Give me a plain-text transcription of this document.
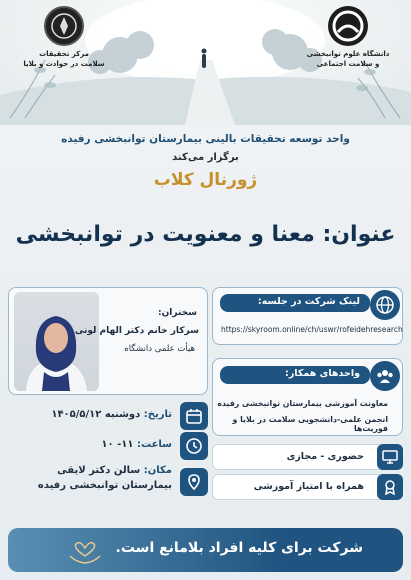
دانشگاه علوم توانبخشی
و سلامت اجتماعی
مرکز تحقیقات
سلامت در حوادث و بلایا
واحد توسعه تحقیقات بالینی بیمارستان توانبخشی رفیده
برگزار می‌کند
ژورنال کلاب
عنوان: معنا و معنویت در توانبخشی
سخنران:
سرکار خانم دکتر الهام لونی
هیأت علمی دانشگاه
تاریخ: دوشنبه ۱۴۰۵/۵/۱۲
ساعت: ۱۱- ۱۰
مکان: سالن دکتر لایقی
بیمارستان توانبخشی رفیده
لینک شرکت در جلسه:
https://skyroom.online/ch/uswr/rofeidehresearch
واحدهای همکار:
معاونت آموزشی بیمارستان توانبخشی رفیده
انجمن علمی-دانشجویی سلامت در بلایا و فوریت‌ها
حضوری - مجازی
همراه با امتیاز آموزشی
شرکت برای کلیه افراد بلامانع است.
